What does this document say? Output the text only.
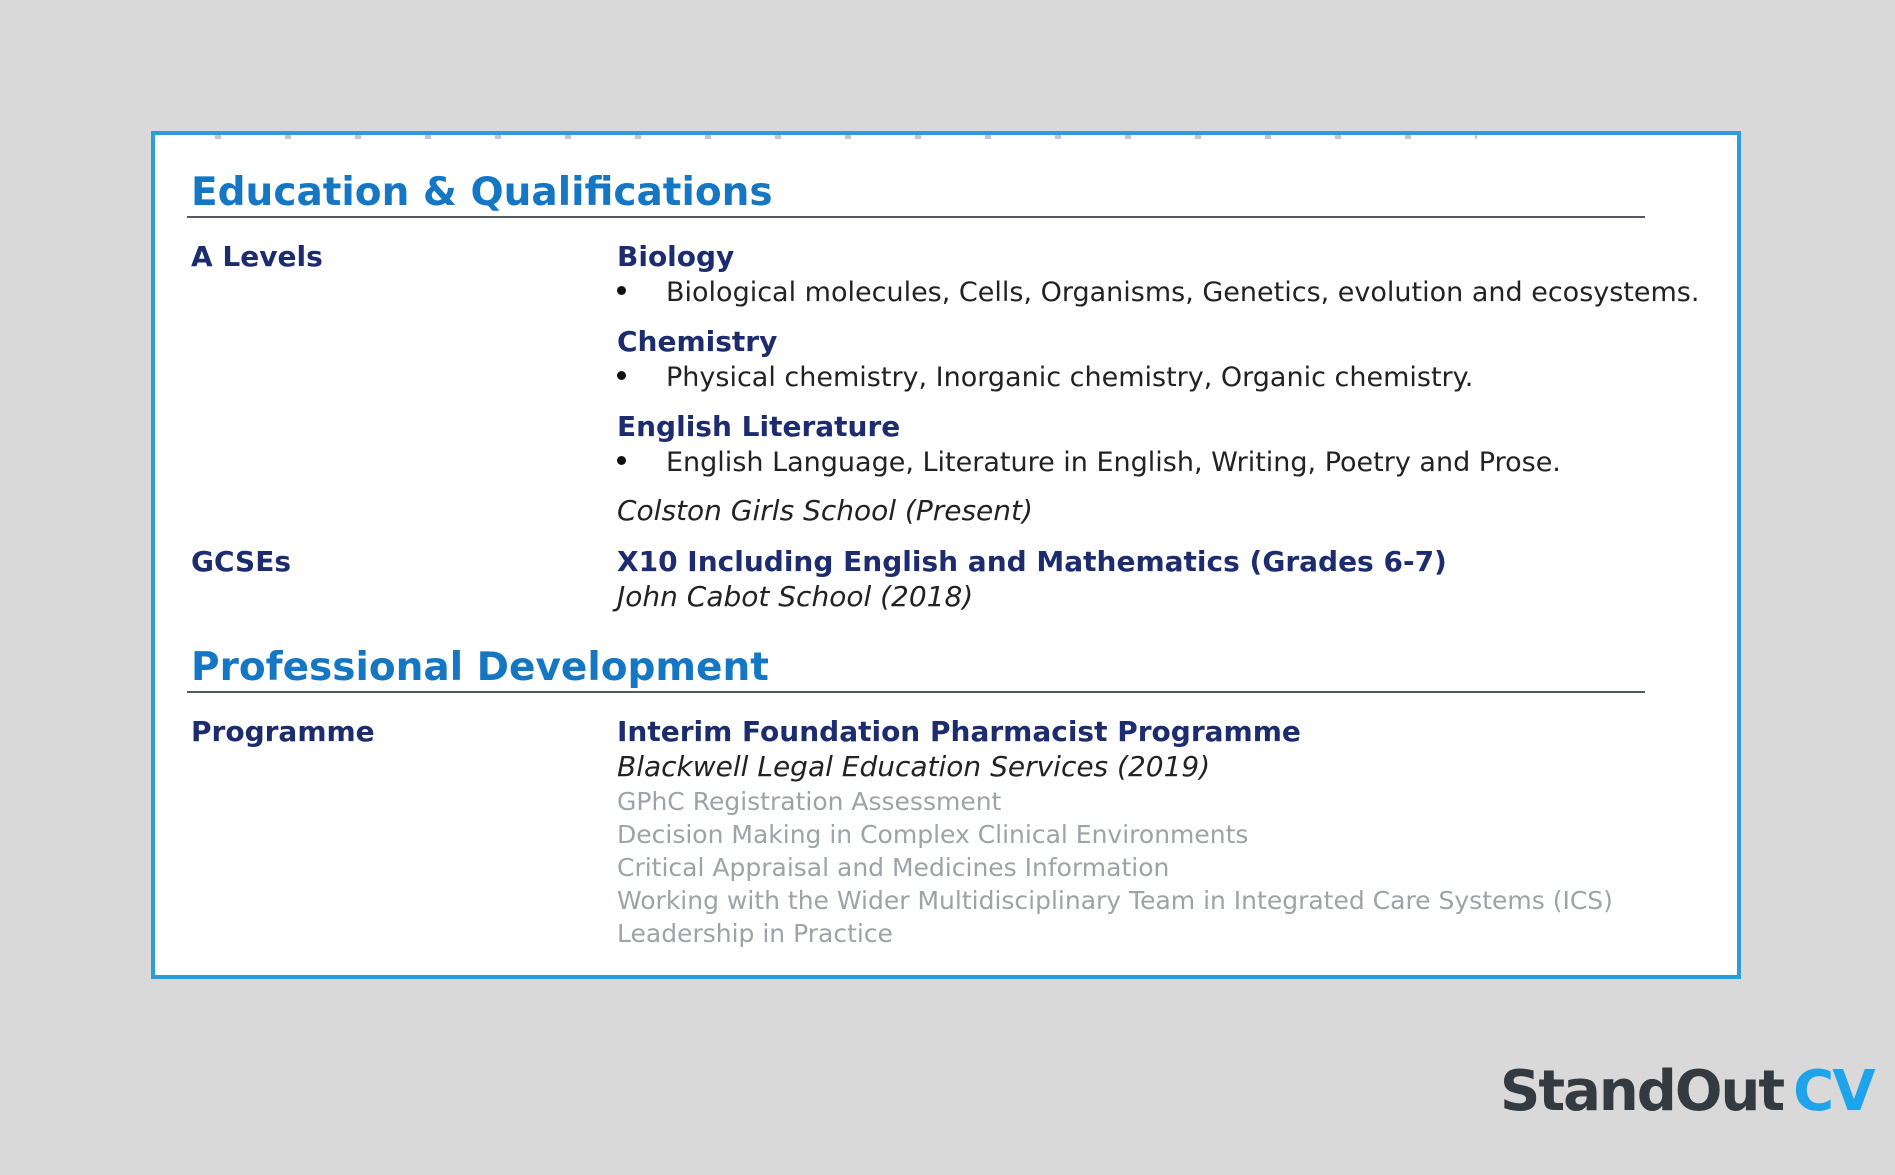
Education & Qualifications
A Levels	Biology
Biological molecules, Cells, Organisms, Genetics, evolution and ecosystems.
Chemistry
Physical chemistry, Inorganic chemistry, Organic chemistry.
English Literature
English Language, Literature in English, Writing, Poetry and Prose.
Colston Girls School (Present)
GCSEs	X10 Including English and Mathematics (Grades 6-7)
John Cabot School (2018)
Professional Development
Programme	Interim Foundation Pharmacist Programme
Blackwell Legal Education Services (2019)
GPhC Registration Assessment
Decision Making in Complex Clinical Environments
Critical Appraisal and Medicines Information
Working with the Wider Multidisciplinary Team in Integrated Care Systems (ICS)
Leadership in Practice
StandOut CV
